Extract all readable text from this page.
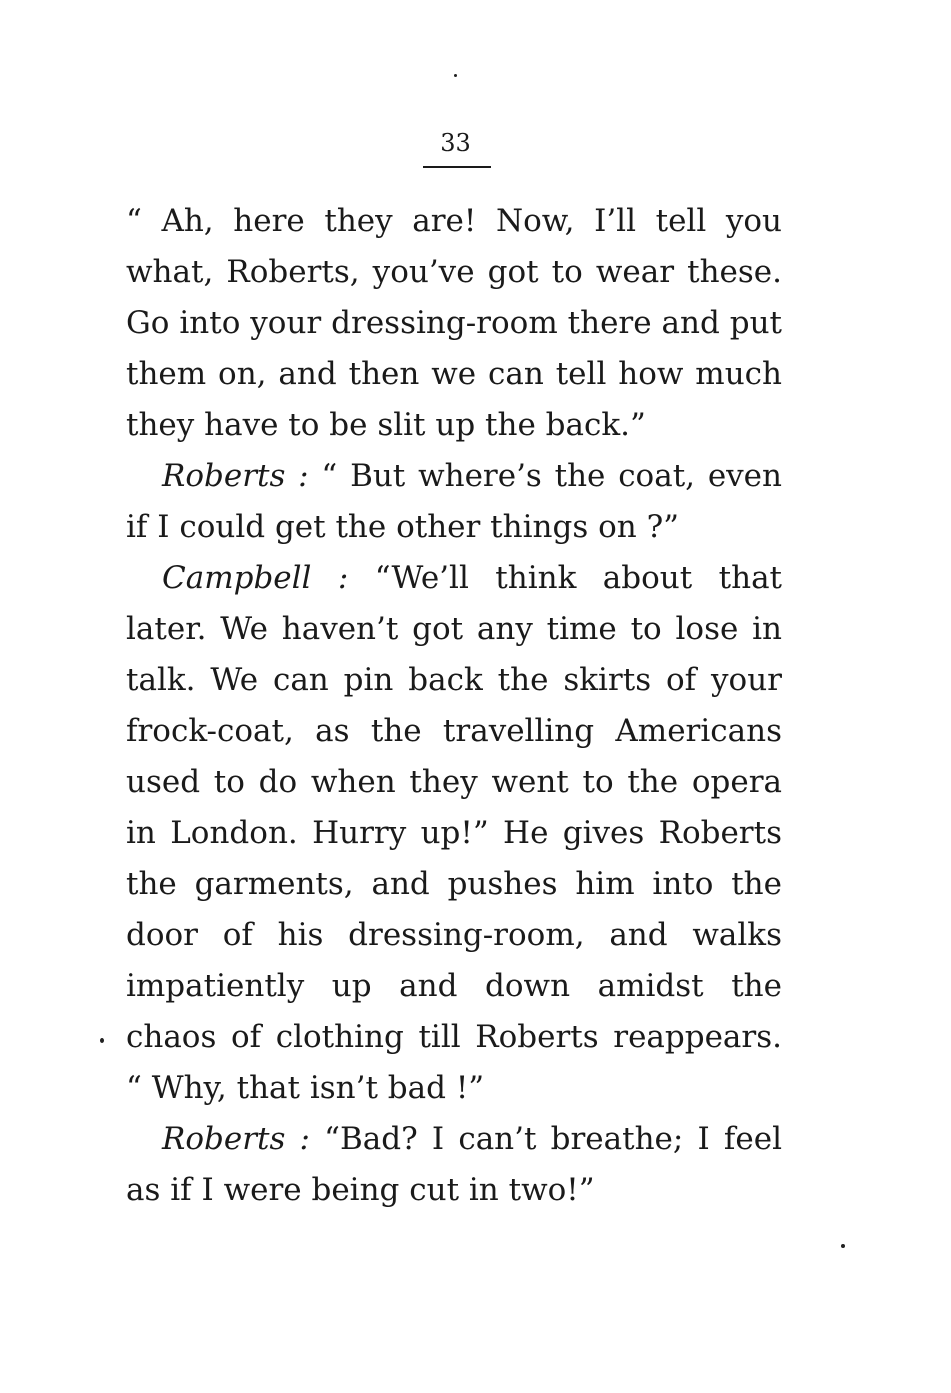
33

“ Ah, here they are! Now, I’ll tell you what, Roberts, you’ve got to wear these. Go into your dressing-room there and put them on, and then we can tell how much they have to be slit up the back.”

Roberts : “ But where’s the coat, even if I could get the other things on ?”

Campbell : “We’ll think about that later. We haven’t got any time to lose in talk. We can pin back the skirts of your frock-coat, as the travelling Americans used to do when they went to the opera in London. Hurry up!” He gives Roberts the garments, and pushes him into the door of his dressing-room, and walks impatiently up and down amidst the chaos of clothing till Roberts reappears. “ Why, that isn’t bad !”

Roberts : “Bad? I can’t breathe; I feel as if I were being cut in two!”
